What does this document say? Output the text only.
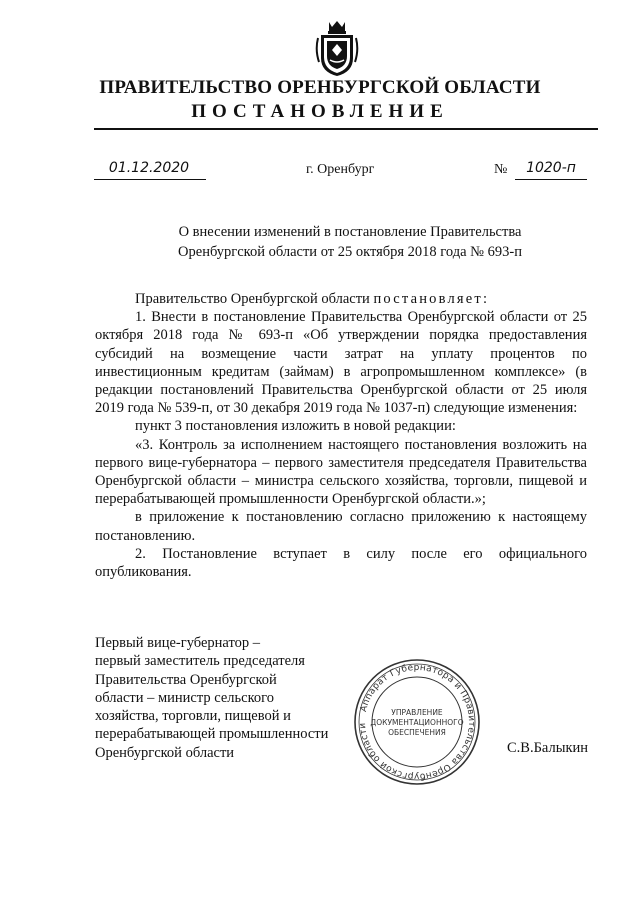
ПРАВИТЕЛЬСТВО ОРЕНБУРГСКОЙ ОБЛАСТИ
ПОСТАНОВЛЕНИЕ
01.12.2020	г. Оренбург	№	1020-п
О внесении изменений в постановление Правительства
Оренбургской области от 25 октября 2018 года № 693-п

Правительство Оренбургской области постановляет:

1. Внести в постановление Правительства Оренбургской области от 25 октября 2018 года № 693-п «Об утверждении порядка предоставления субсидий на возмещение части затрат на уплату процентов по инвестиционным кредитам (займам) в агропромышленном комплексе» (в редакции постановлений Правительства Оренбургской области от 25 июля 2019 года № 539-п, от 30 декабря 2019 года № 1037-п) следующие изменения:

пункт 3 постановления изложить в новой редакции:

«3. Контроль за исполнением настоящего постановления возложить на первого вице-губернатора – первого заместителя председателя Правительства Оренбургской области – министра сельского хозяйства, торговли, пищевой и перерабатывающей промышленности Оренбургской области.»;

в приложение к постановлению согласно приложению к настоящему постановлению.

2. Постановление вступает в силу после его официального опубликования.

Первый вице-губернатор –
первый заместитель председателя
Правительства Оренбургской
области – министр сельского
хозяйства, торговли, пищевой и
перерабатывающей промышленности
Оренбургской области
Аппарат Губернатора и Правительства Оренбургской области
УПРАВЛЕНИЕ
ДОКУМЕНТАЦИОННОГО
ОБЕСПЕЧЕНИЯ
С.В.Балыкин
